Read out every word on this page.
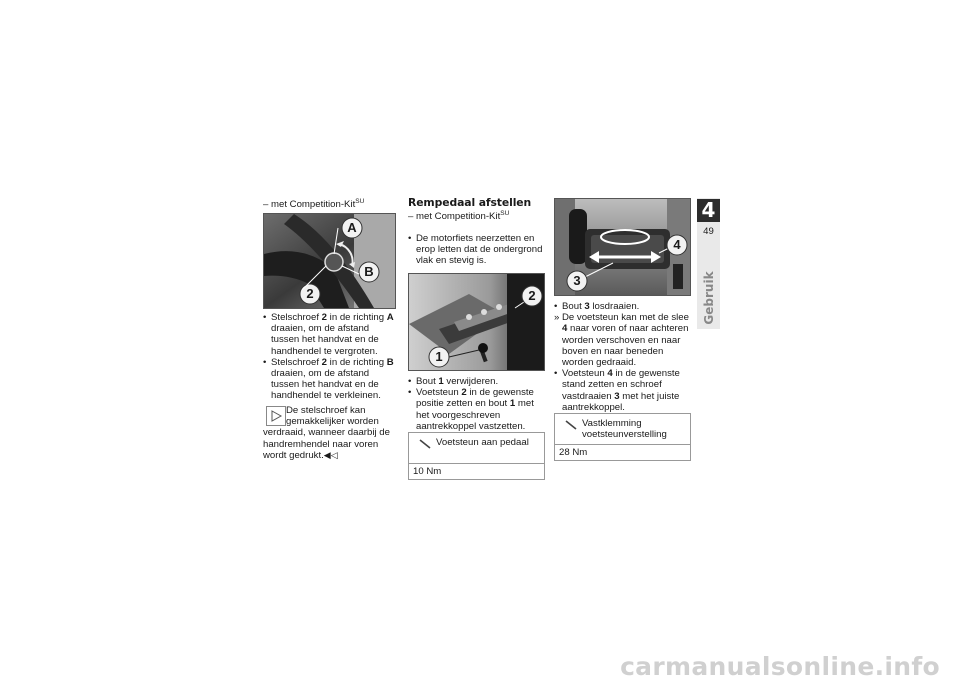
– met Competition-Kit$^{SU}$
A
B
2
• Stelschroef 2 in de richting A draaien, om de afstand tussen het handvat en de handhendel te vergroten.
• Stelschroef 2 in de richting B draaien, om de afstand tussen het handvat en de handhendel te verkleinen.
De stelschroef kan gemakkelijker worden verdraaid, wanneer daarbij de handremhendel naar voren wordt gedrukt.◀◁
Rempedaal afstellen
– met Competition-Kit$^{SU}$
• De motorfiets neerzetten en erop letten dat de ondergrond vlak en stevig is.
1
2
• Bout 1 verwijderen.
• Voetsteun 2 in de gewenste positie zetten en bout 1 met het voorgeschreven aantrekkoppel vastzetten.
Voetsteun aan pedaal
10 Nm
4
3
• Bout 3 losdraaien.
» De voetsteun kan met de slee 4 naar voren of naar achteren worden verschoven en naar boven en naar beneden worden gedraaid.
• Voetsteun 4 in de gewenste stand zetten en schroef vastdraaien 3 met het juiste aantrekkoppel.
Vastklemming voetsteunverstelling
28 Nm
4
49
Gebruik
carmanualsonline.info
